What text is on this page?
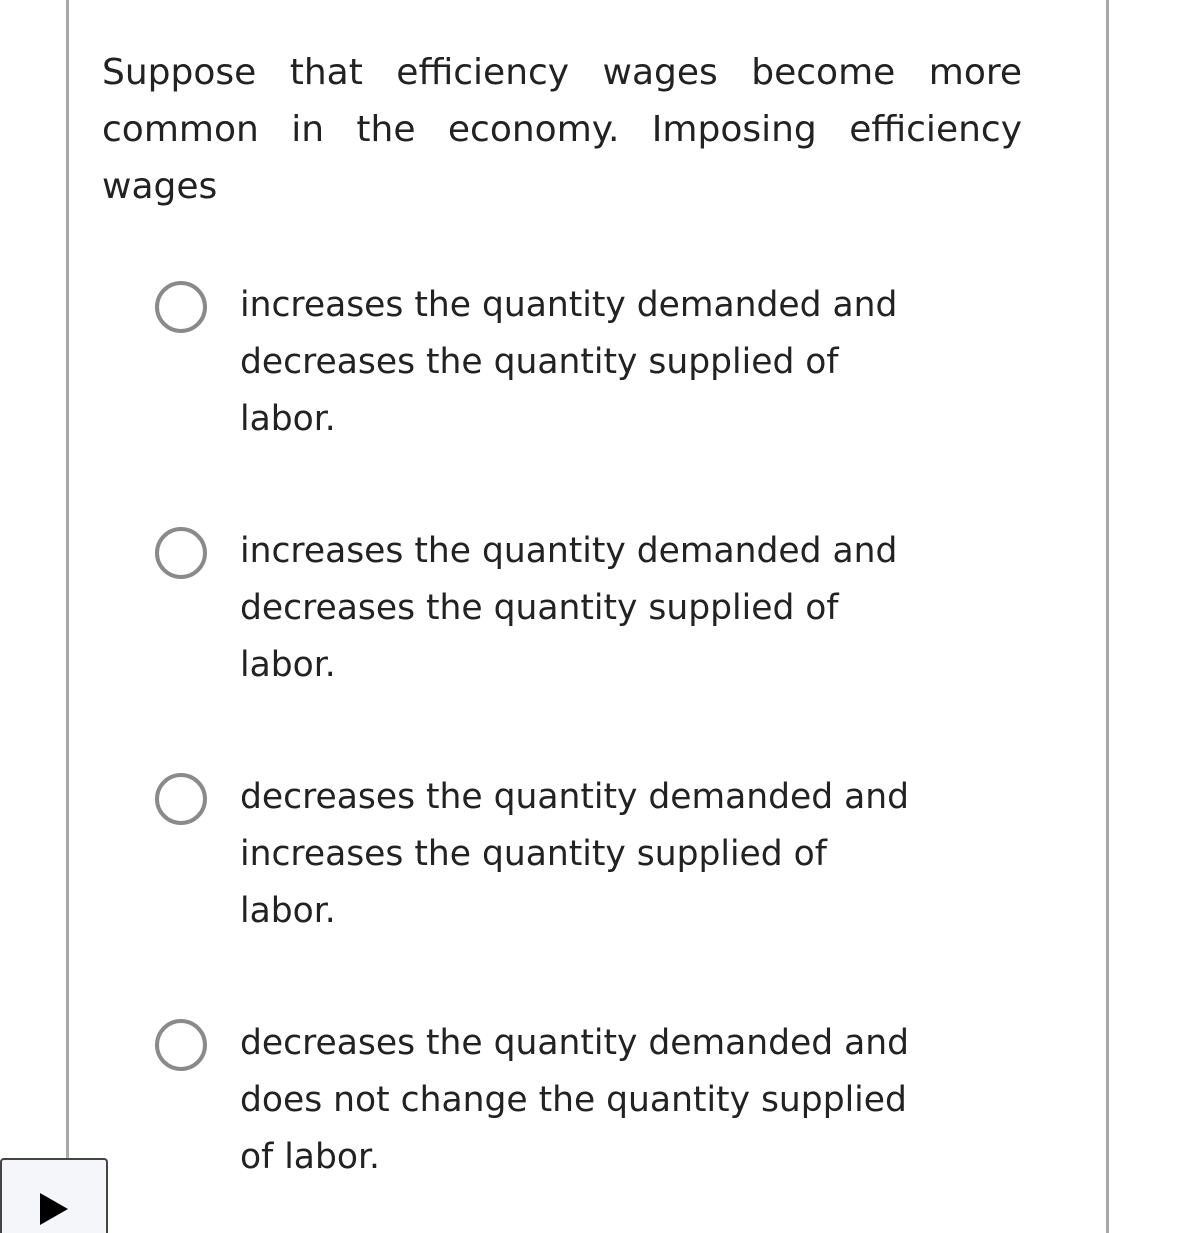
Suppose that efficiency wages become more common in the economy. Imposing efficiency wages

increases the quantity demanded and decreases the quantity supplied of labor.
increases the quantity demanded and decreases the quantity supplied of labor.
decreases the quantity demanded and increases the quantity supplied of labor.
decreases the quantity demanded and does not change the quantity supplied of labor.
